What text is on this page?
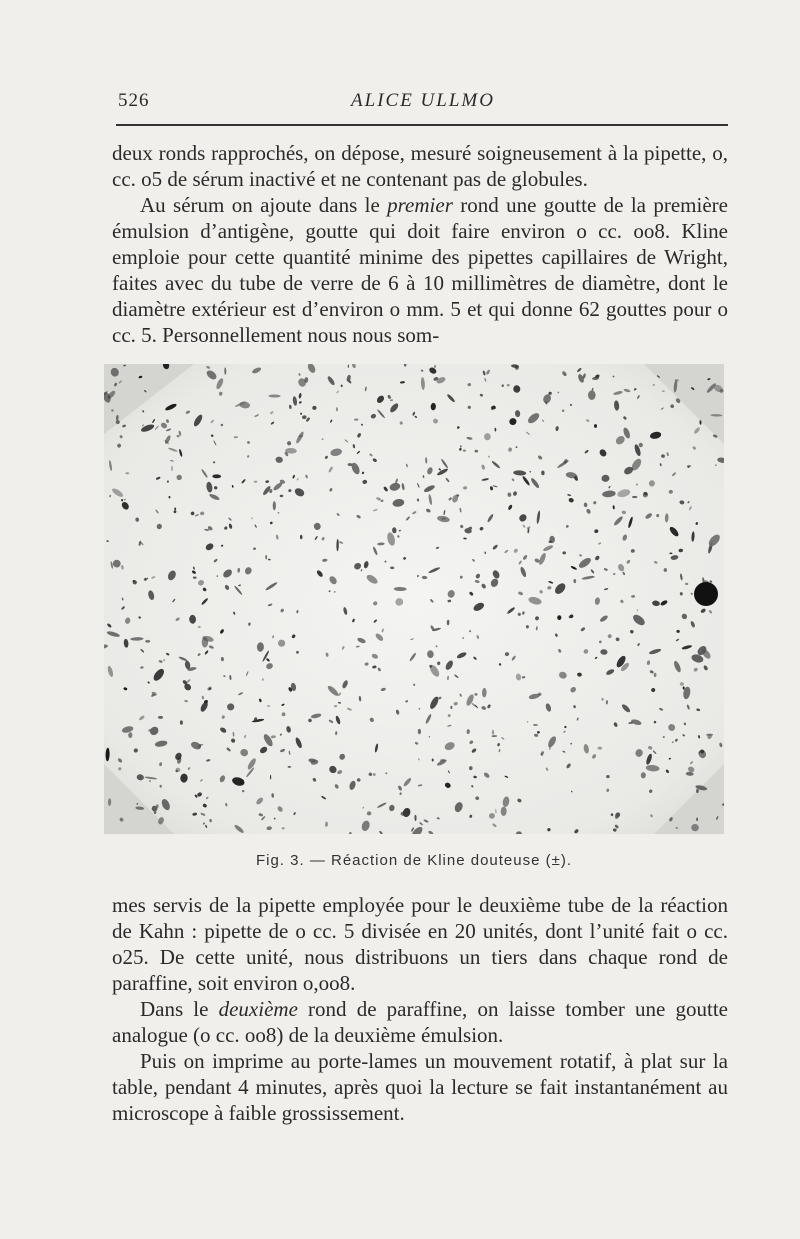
526	ALICE ULLMO
deux ronds rapprochés, on dépose, mesuré soigneusement à la pipette, o, cc. o5 de sérum inactivé et ne contenant pas de globules.
Au sérum on ajoute dans le premier rond une goutte de la première émulsion d’antigène, goutte qui doit faire environ o cc. oo8. Kline emploie pour cette quantité minime des pipettes capillaires de Wright, faites avec du tube de verre de 6 à 10 millimètres de diamètre, dont le diamètre extérieur est d’environ o mm. 5 et qui donne 62 gouttes pour o cc. 5. Personnellement nous nous som-
Fig. 3. — Réaction de Kline douteuse (±).
mes servis de la pipette employée pour le deuxième tube de la réaction de Kahn : pipette de o cc. 5 divisée en 20 unités, dont l’unité fait o cc. o25. De cette unité, nous distribuons un tiers dans chaque rond de paraffine, soit environ o,oo8.
Dans le deuxième rond de paraffine, on laisse tomber une goutte analogue (o cc. oo8) de la deuxième émulsion.
Puis on imprime au porte-lames un mouvement rotatif, à plat sur la table, pendant 4 minutes, après quoi la lecture se fait instantanément au microscope à faible grossissement.
